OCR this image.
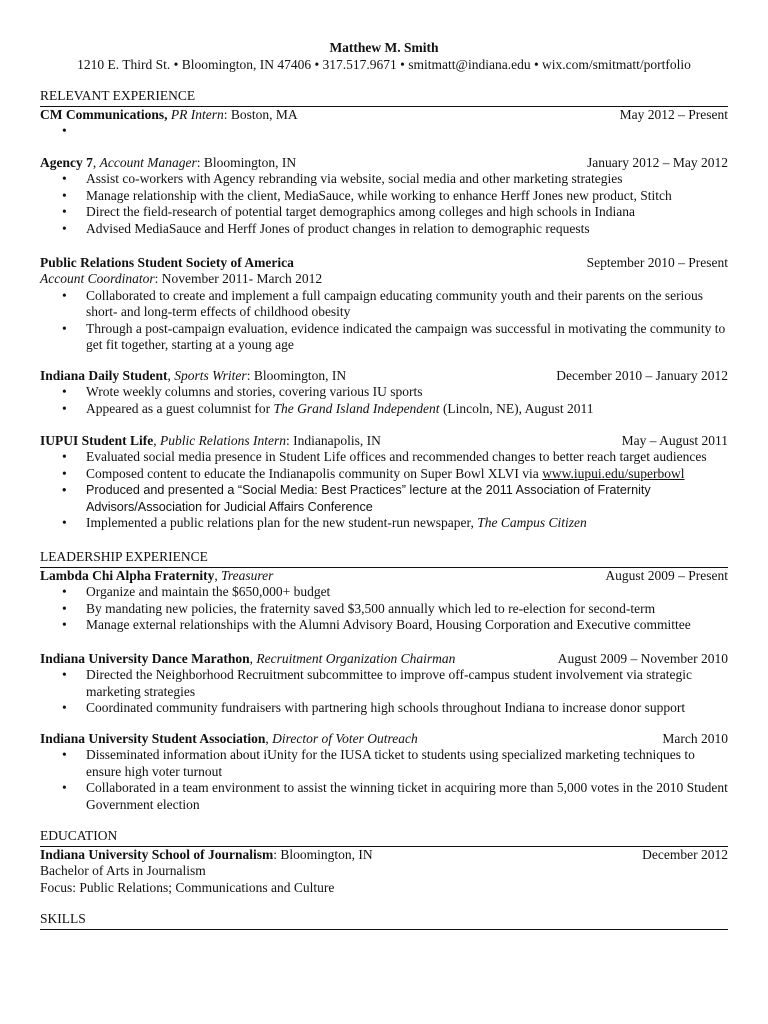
Matthew M. Smith
1210 E. Third St. • Bloomington, IN 47406 • 317.517.9671 • smitmatt@indiana.edu • wix.com/smitmatt/portfolio
RELEVANT EXPERIENCE
CM Communications, PR Intern: Boston, MA	May 2012 – Present
•
Agency 7, Account Manager: Bloomington, IN	January 2012 – May 2012
• Assist co-workers with Agency rebranding via website, social media and other marketing strategies
• Manage relationship with the client, MediaSauce, while working to enhance Herff Jones new product, Stitch
• Direct the field-research of potential target demographics among colleges and high schools in Indiana
• Advised MediaSauce and Herff Jones of product changes in relation to demographic requests
Public Relations Student Society of America	September 2010 – Present
Account Coordinator: November 2011- March 2012
• Collaborated to create and implement a full campaign educating community youth and their parents on the serious short- and long-term effects of childhood obesity
• Through a post-campaign evaluation, evidence indicated the campaign was successful in motivating the community to get fit together, starting at a young age
Indiana Daily Student, Sports Writer: Bloomington, IN	December 2010 – January 2012
• Wrote weekly columns and stories, covering various IU sports
• Appeared as a guest columnist for The Grand Island Independent (Lincoln, NE), August 2011
IUPUI Student Life, Public Relations Intern: Indianapolis, IN	May – August 2011
• Evaluated social media presence in Student Life offices and recommended changes to better reach target audiences
• Composed content to educate the Indianapolis community on Super Bowl XLVI via www.iupui.edu/superbowl
• Produced and presented a “Social Media: Best Practices” lecture at the 2011 Association of Fraternity Advisors/Association for Judicial Affairs Conference
• Implemented a public relations plan for the new student-run newspaper, The Campus Citizen
LEADERSHIP EXPERIENCE
Lambda Chi Alpha Fraternity, Treasurer	August 2009 – Present
• Organize and maintain the $650,000+ budget
• By mandating new policies, the fraternity saved $3,500 annually which led to re-election for second-term
• Manage external relationships with the Alumni Advisory Board, Housing Corporation and Executive committee
Indiana University Dance Marathon, Recruitment Organization Chairman	August 2009 – November 2010
• Directed the Neighborhood Recruitment subcommittee to improve off-campus student involvement via strategic marketing strategies
• Coordinated community fundraisers with partnering high schools throughout Indiana to increase donor support
Indiana University Student Association, Director of Voter Outreach	March 2010
• Disseminated information about iUnity for the IUSA ticket to students using specialized marketing techniques to ensure high voter turnout
• Collaborated in a team environment to assist the winning ticket in acquiring more than 5,000 votes in the 2010 Student Government election
EDUCATION
Indiana University School of Journalism: Bloomington, IN	December 2012
Bachelor of Arts in Journalism
Focus: Public Relations; Communications and Culture
SKILLS
